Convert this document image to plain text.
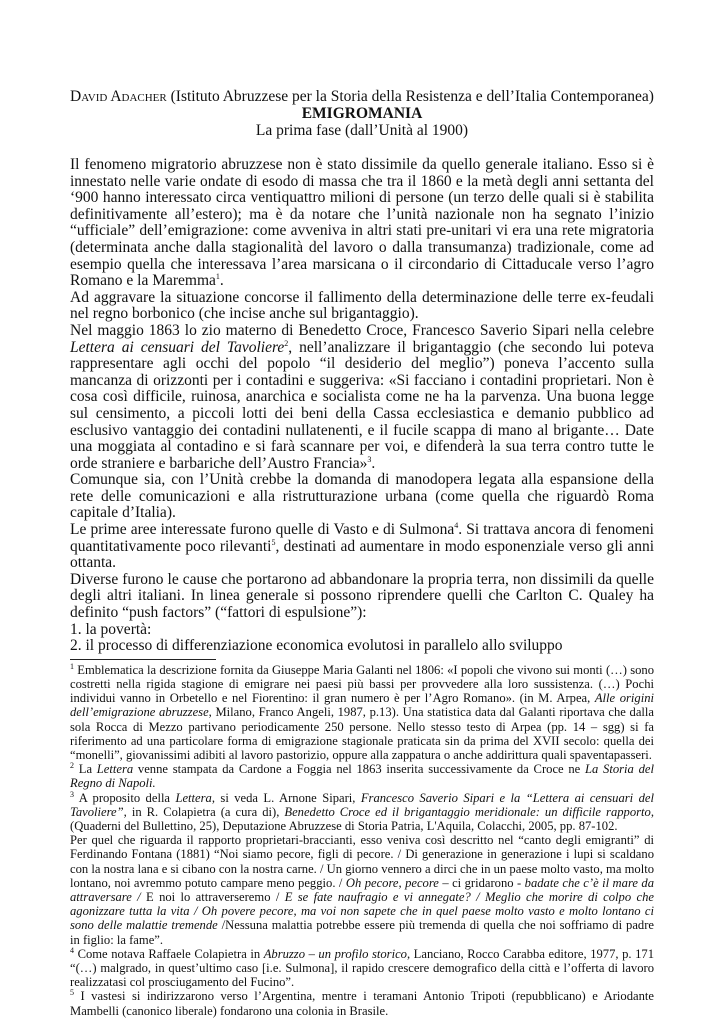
David Adacher (Istituto Abruzzese per la Storia della Resistenza e dell’Italia Contemporanea)
EMIGROMANIA
La prima fase (dall’Unità al 1900)

Il fenomeno migratorio abruzzese non è stato dissimile da quello generale italiano. Esso si è innestato nelle varie ondate di esodo di massa che tra il 1860 e la metà degli anni settanta del ‘900 hanno interessato circa ventiquattro milioni di persone (un terzo delle quali si è stabilita definitivamente all’estero); ma è da notare che l’unità nazionale non ha segnato l’inizio “ufficiale” dell’emigrazione: come avveniva in altri stati pre-unitari vi era una rete migratoria (determinata anche dalla stagionalità del lavoro o dalla transumanza) tradizionale, come ad esempio quella che interessava l’area marsicana o il circondario di Cittaducale verso l’agro Romano e la Maremma$^1$.

Ad aggravare la situazione concorse il fallimento della determinazione delle terre ex-feudali nel regno borbonico (che incise anche sul brigantaggio).

Nel maggio 1863 lo zio materno di Benedetto Croce, Francesco Saverio Sipari nella celebre Lettera ai censuari del Tavoliere$^2$, nell’analizzare il brigantaggio (che secondo lui poteva rappresentare agli occhi del popolo “il desiderio del meglio”) poneva l’accento sulla mancanza di orizzonti per i contadini e suggeriva: «Si facciano i contadini proprietari. Non è cosa così difficile, ruinosa, anarchica e socialista come ne ha la parvenza. Una buona legge sul censimento, a piccoli lotti dei beni della Cassa ecclesiastica e demanio pubblico ad esclusivo vantaggio dei contadini nullatenenti, e il fucile scappa di mano al brigante… Date una moggiata al contadino e si farà scannare per voi, e difenderà la sua terra contro tutte le orde straniere e barbariche dell’Austro Francia»$^3$.

Comunque sia, con l’Unità crebbe la domanda di manodopera legata alla espansione della rete delle comunicazioni e alla ristrutturazione urbana (come quella che riguardò Roma capitale d’Italia).

Le prime aree interessate furono quelle di Vasto e di Sulmona$^4$. Si trattava ancora di fenomeni quantitativamente poco rilevanti$^5$, destinati ad aumentare in modo esponenziale verso gli anni ottanta.

Diverse furono le cause che portarono ad abbandonare la propria terra, non dissimili da quelle degli altri italiani. In linea generale si possono riprendere quelli che Carlton C. Qualey ha definito “push factors” (“fattori di espulsione”):

1. la povertà:

2. il processo di differenziazione economica evolutosi in parallelo allo sviluppo

$^1$ Emblematica la descrizione fornita da Giuseppe Maria Galanti nel 1806: «I popoli che vivono sui monti (…) sono costretti nella rigida stagione di emigrare nei paesi più bassi per provvedere alla loro sussistenza. (…) Pochi individui vanno in Orbetello e nel Fiorentino: il gran numero è per l’Agro Romano». (in M. Arpea, Alle origini dell’emigrazione abruzzese, Milano, Franco Angeli, 1987, p.13). Una statistica data dal Galanti riportava che dalla sola Rocca di Mezzo partivano periodicamente 250 persone. Nello stesso testo di Arpea (pp. 14 – sgg) si fa riferimento ad una particolare forma di emigrazione stagionale praticata sin da prima del XVII secolo: quella dei “monelli”, giovanissimi adibiti al lavoro pastorizio, oppure alla zappatura o anche addirittura quali spaventapasseri.

$^2$ La Lettera venne stampata da Cardone a Foggia nel 1863 inserita successivamente da Croce ne La Storia del Regno di Napoli.

$^3$ A proposito della Lettera, si veda L. Arnone Sipari, Francesco Saverio Sipari e la “Lettera ai censuari del Tavoliere”, in R. Colapietra (a cura di), Benedetto Croce ed il brigantaggio meridionale: un difficile rapporto, (Quaderni del Bullettino, 25), Deputazione Abruzzese di Storia Patria, L'Aquila, Colacchi, 2005, pp. 87-102.

Per quel che riguarda il rapporto proprietari-braccianti, esso veniva così descritto nel “canto degli emigranti” di Ferdinando Fontana (1881) “Noi siamo pecore, figli di pecore. / Di generazione in generazione i lupi si scaldano con la nostra lana e si cibano con la nostra carne. / Un giorno vennero a dirci che in un paese molto vasto, ma molto lontano, noi avremmo potuto campare meno peggio. / Oh pecore, pecore – ci gridarono - badate che c’è il mare da attraversare / E noi lo attraverseremo / E se fate naufragio e vi annegate? / Meglio che morire di colpo che agonizzare tutta la vita / Oh povere pecore, ma voi non sapete che in quel paese molto vasto e molto lontano ci sono delle malattie tremende /Nessuna malattia potrebbe essere più tremenda di quella che noi soffriamo di padre in figlio: la fame”.

$^4$ Come notava Raffaele Colapietra in Abruzzo – un profilo storico, Lanciano, Rocco Carabba editore, 1977, p. 171 “(…) malgrado, in quest’ultimo caso [i.e. Sulmona], il rapido crescere demografico della città e l’offerta di lavoro realizzatasi col prosciugamento del Fucino”.

$^5$ I vastesi si indirizzarono verso l’Argentina, mentre i teramani Antonio Tripoti (repubblicano) e Ariodante Mambelli (canonico liberale) fondarono una colonia in Brasile.
